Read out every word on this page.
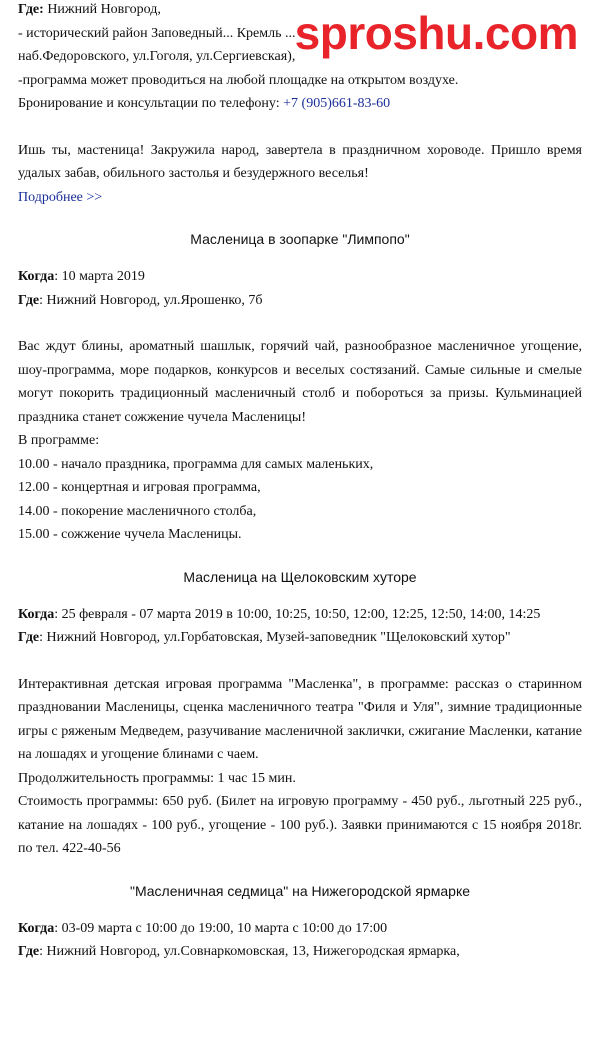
sproshu.com
Где: Нижний Новгород,
- исторический район Заповедный... Кремль ...
наб.Федоровского, ул.Гоголя, ул.Сергиевская),
-программа может проводиться на любой площадке на открытом воздухе.
Бронирование и консультации по телефону: +7 (905)661-83-60
Ишь ты, мастеница! Закружила народ, завертела в праздничном хороводе. Пришло время удалых забав, обильного застолья и безудержного веселья!
Подробнее >>
Масленица в зоопарке "Лимпопо"
Когда: 10 марта 2019
Где: Нижний Новгород, ул.Ярошенко, 7б
Вас ждут блины, ароматный шашлык, горячий чай, разнообразное масленичное угощение, шоу-программа, море подарков, конкурсов и веселых состязаний. Самые сильные и смелые могут покорить традиционный масленичный столб и побороться за призы. Кульминацией праздника станет сожжение чучела Масленицы!
В программе:
10.00 - начало праздника, программа для самых маленьких,
12.00 - концертная и игровая программа,
14.00 - покорение масленичного столба,
15.00 - сожжение чучела Масленицы.
Масленица на Щелоковским хуторе
Когда: 25 февраля - 07 марта 2019 в 10:00, 10:25, 10:50, 12:00, 12:25, 12:50, 14:00, 14:25
Где: Нижний Новгород, ул.Горбатовская, Музей-заповедник "Щелоковский хутор"
Интерактивная детская игровая программа "Масленка", в программе: рассказ о старинном праздновании Масленицы, сценка масленичного театра "Филя и Уля", зимние традиционные игры с ряженым Медведем, разучивание масленичной заклички, сжигание Масленки, катание на лошадях и угощение блинами с чаем.
Продолжительность программы: 1 час 15 мин.
Стоимость программы: 650 руб. (Билет на игровую программу - 450 руб., льготный 225 руб., катание на лошадях - 100 руб., угощение - 100 руб.). Заявки принимаются с 15 ноября 2018г. по тел. 422-40-56
"Масленичная седмица" на Нижегородской ярмарке
Когда: 03-09 марта с 10:00 до 19:00, 10 марта с 10:00 до 17:00
Где: Нижний Новгород, ул.Совнаркомовская, 13, Нижегородская ярмарка,
